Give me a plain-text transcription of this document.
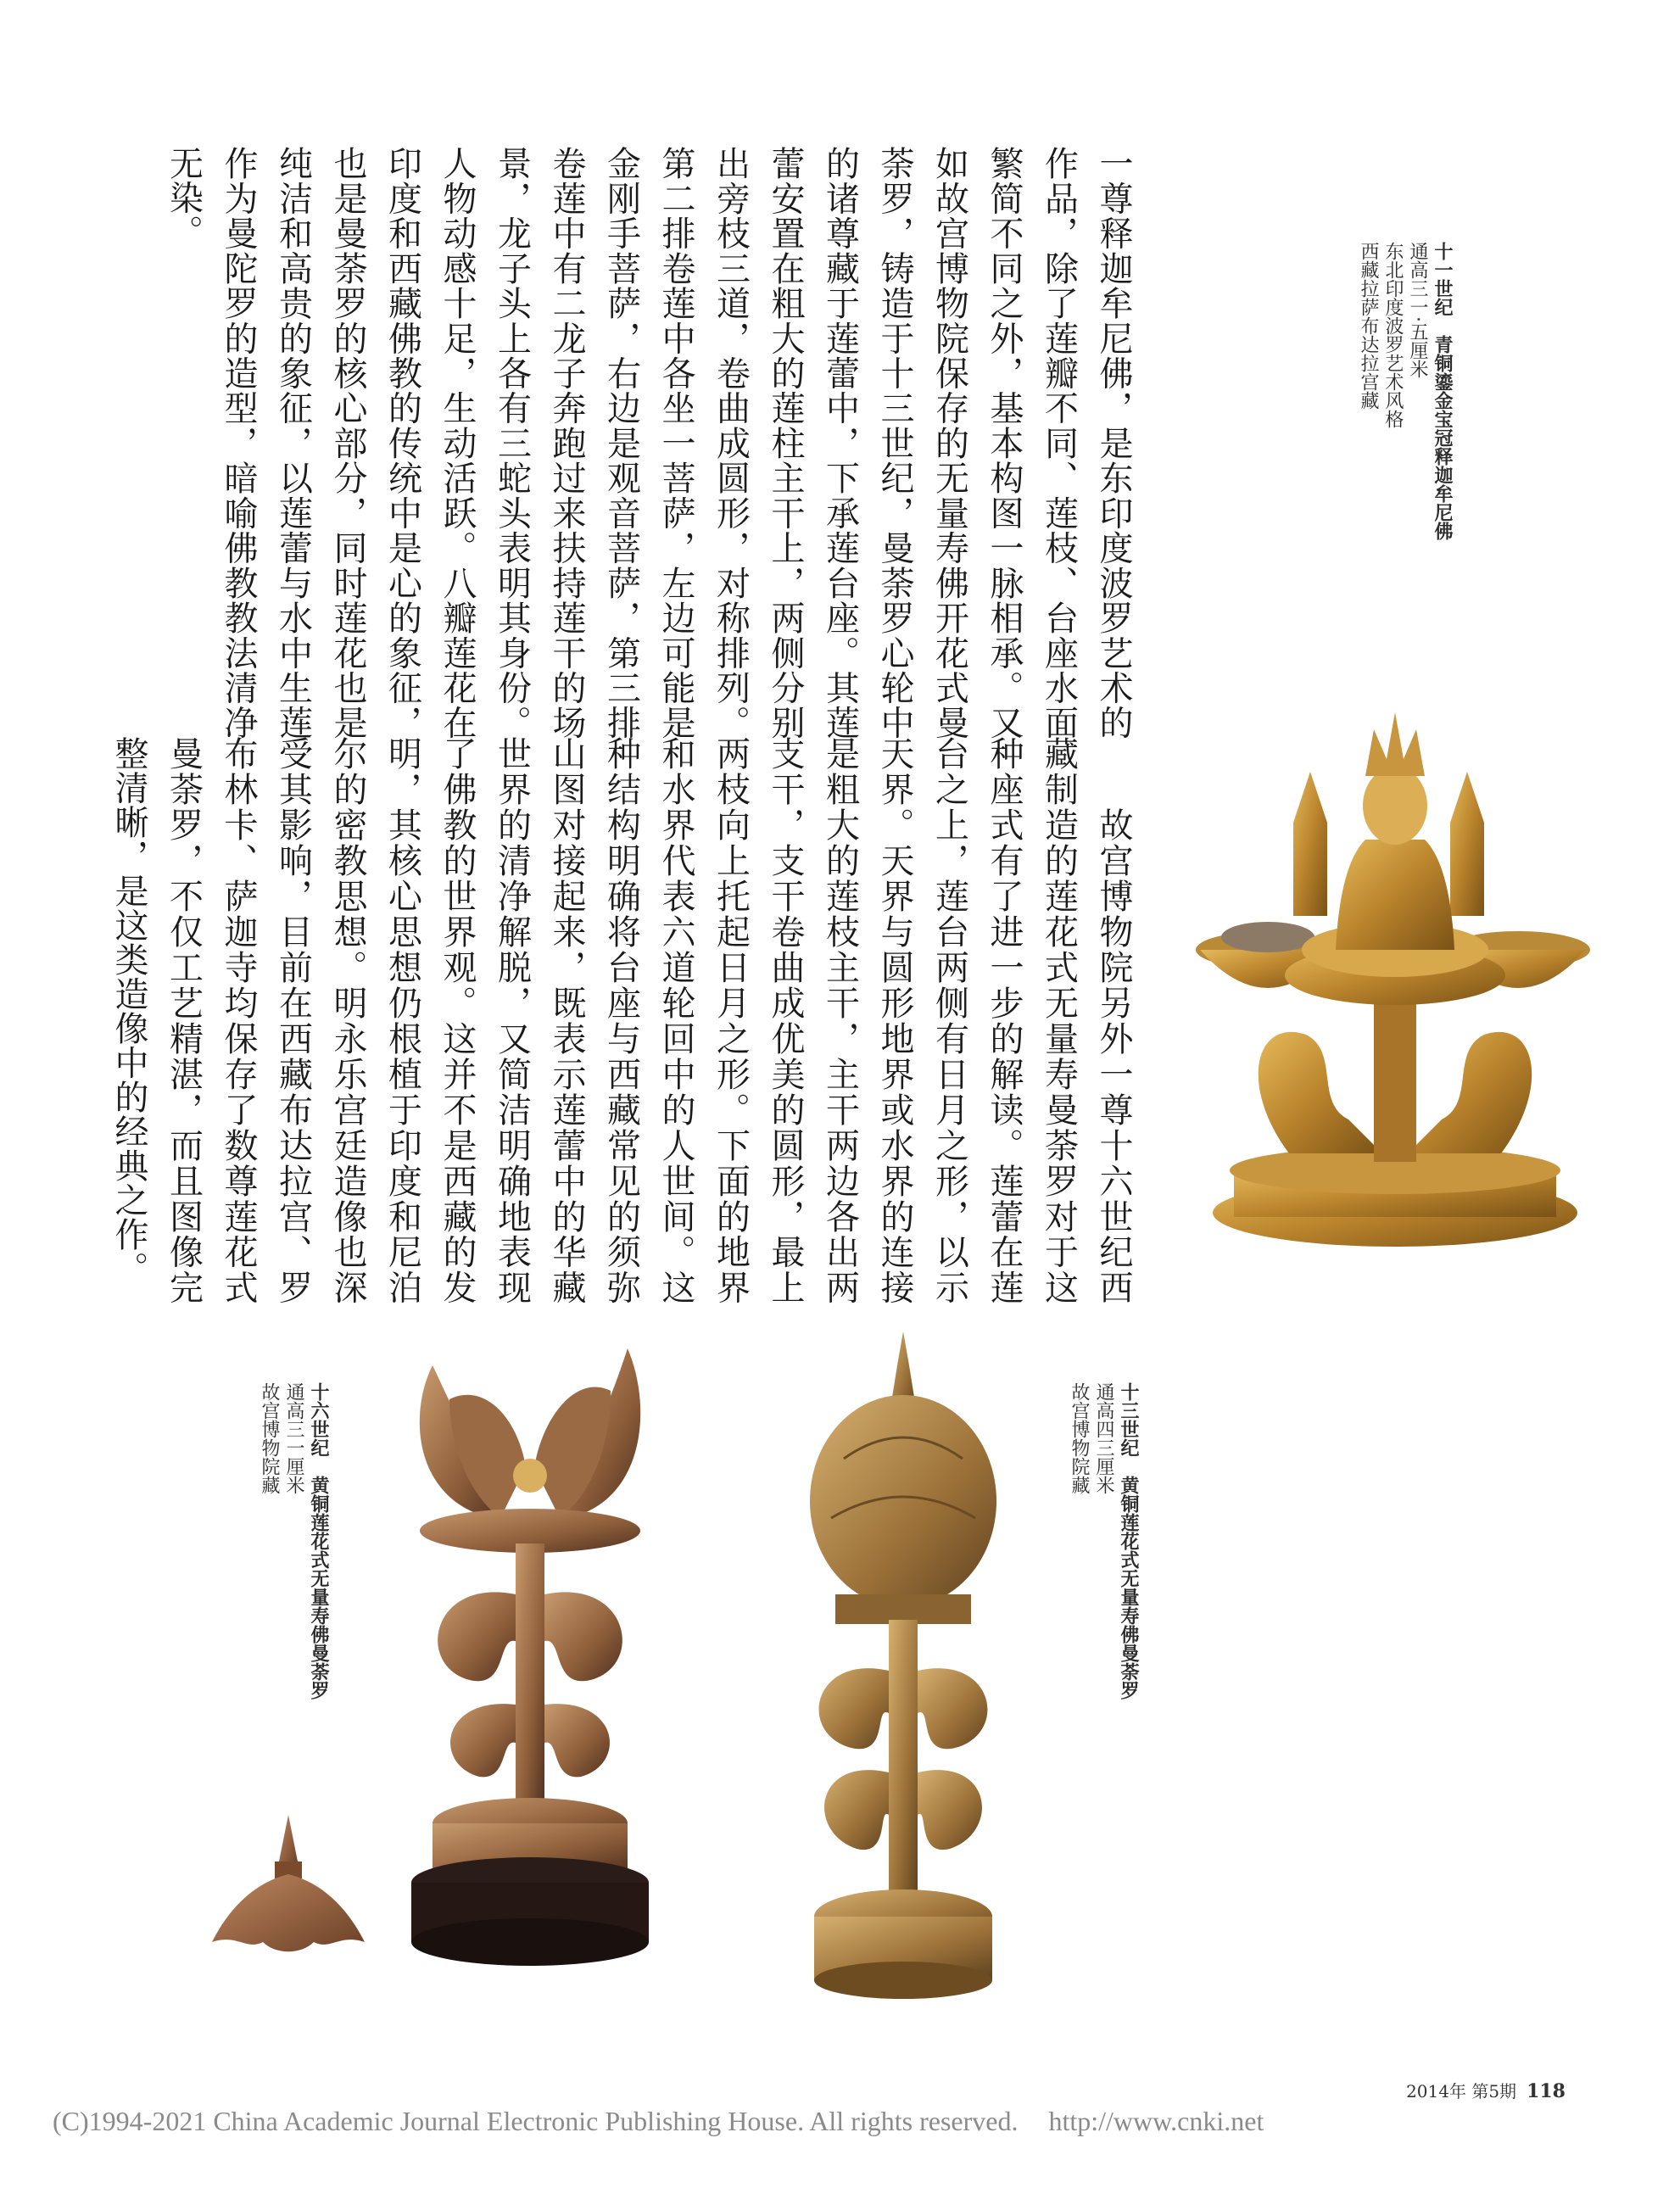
一尊释迦牟尼佛，是东印度波罗艺术的作品，除了莲瓣不同、莲枝、台座水面繁简不同之外，基本构图一脉相承。又如故宫博物院保存的无量寿佛开花式曼荼罗，铸造于十三世纪，曼荼罗心轮中的诸尊藏于莲蕾中，下承莲台座。其莲蕾安置在粗大的莲柱主干上，两侧分别出旁枝三道，卷曲成圆形，对称排列。第二排卷莲中各坐一菩萨，左边可能是金刚手菩萨，右边是观音菩萨，第三排卷莲中有二龙子奔跑过来扶持莲干的场景，龙子头上各有三蛇头表明其身份。人物动感十足，生动活跃。八瓣莲花在印度和西藏佛教的传统中是心的象征，也是曼荼罗的核心部分，同时莲花也是纯洁和高贵的象征，以莲蕾与水中生莲作为曼陀罗的造型，暗喻佛教教法清净无染。

　　故宫博物院另外一尊十六世纪西藏制造的莲花式无量寿曼荼罗对于这种座式有了进一步的解读。莲蕾在莲台之上，莲台两侧有日月之形，以示天界。天界与圆形地界或水界的连接是粗大的莲枝主干，主干两边各出两支干，支干卷曲成优美的圆形，最上两枝向上托起日月之形。下面的地界和水界代表六道轮回中的人世间。这种结构明确将台座与西藏常见的须弥山图对接起来，既表示莲蕾中的华藏世界的清净解脱，又简洁明确地表现了佛教的世界观。这并不是西藏的发明，其核心思想仍根植于印度和尼泊尔的密教思想。明永乐宫廷造像也深受其影响，目前在西藏布达拉宫、罗布林卡、萨迦寺均保存了数尊莲花式曼荼罗，不仅工艺精湛，而且图像完整清晰，是这类造像中的经典之作。

十一世纪　青铜鎏金宝冠释迦牟尼佛
通高三一·五厘米
东北印度波罗艺术风格
西藏拉萨布达拉宫藏
十三世纪　黄铜莲花式无量寿佛曼荼罗
通高四三厘米
故宫博物院藏
十六世纪　黄铜莲花式无量寿佛曼荼罗
通高三一厘米
故宫博物院藏
2014年 第5期 118
(C)1994-2021 China Academic Journal Electronic Publishing House. All rights reserved. http://www.cnki.net
